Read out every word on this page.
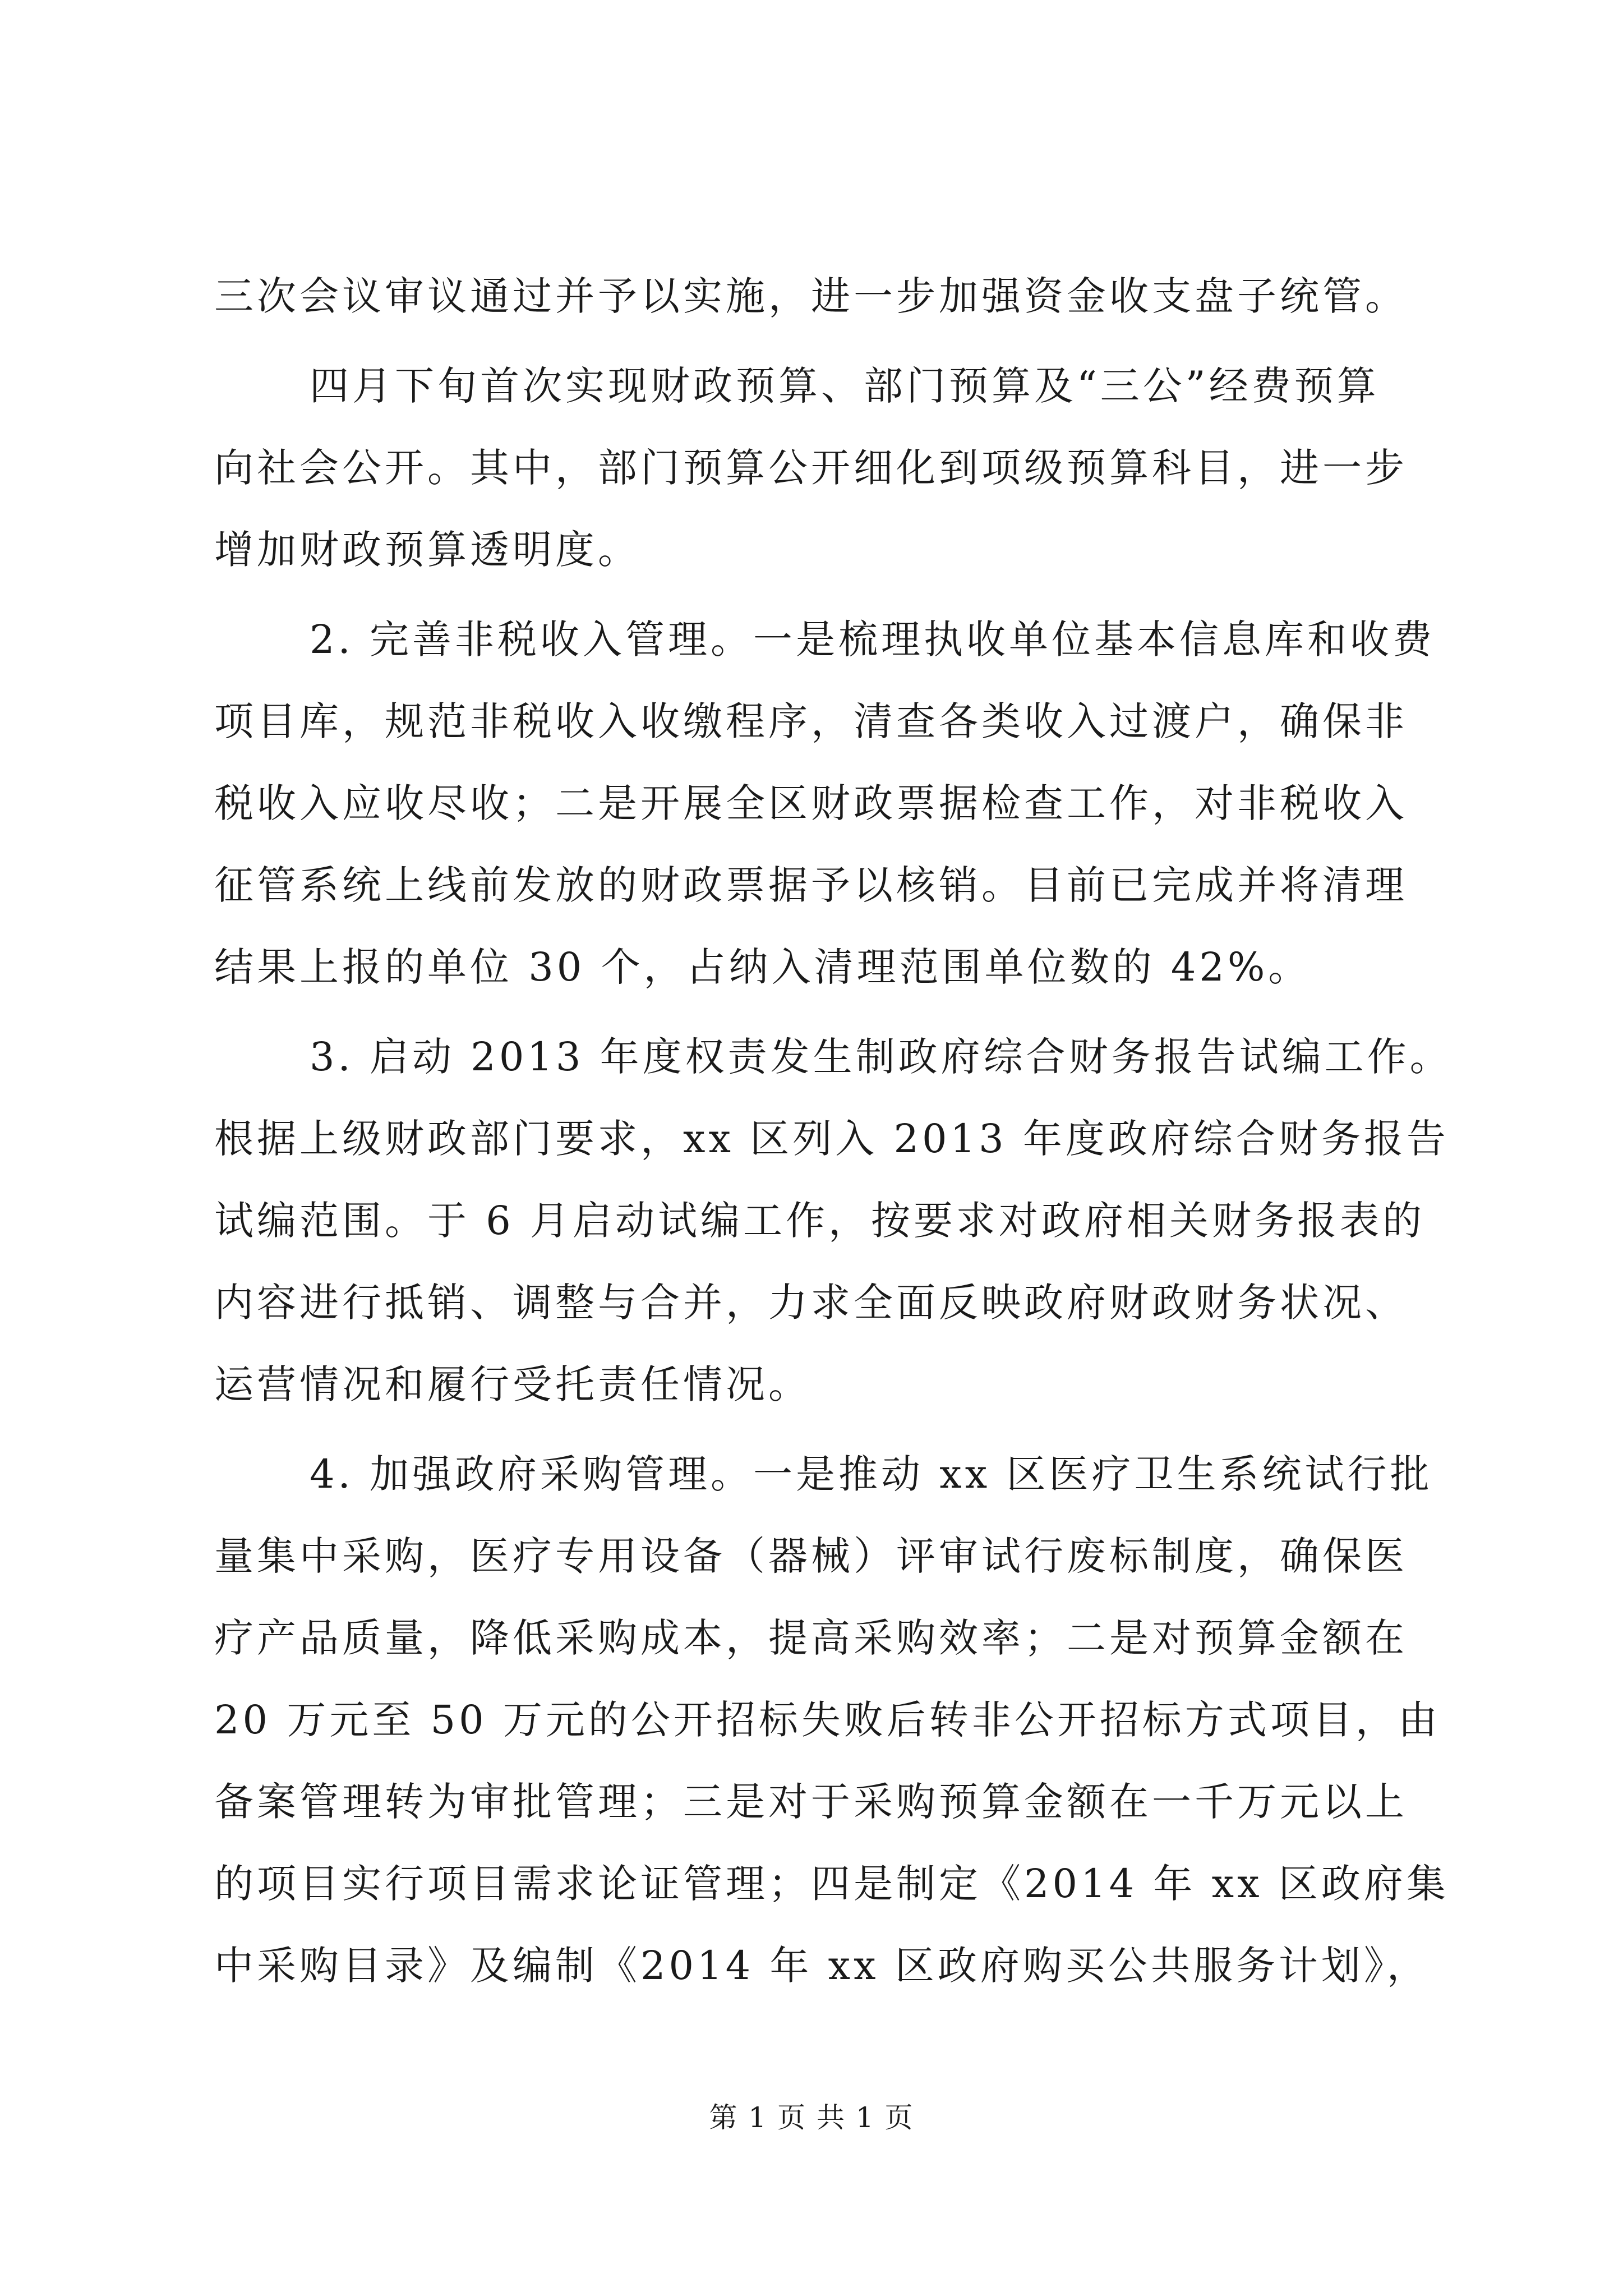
三次会议审议通过并予以实施，进一步加强资金收支盘子统管。
四月下旬首次实现财政预算、部门预算及“三公”经费预算
向社会公开。其中，部门预算公开细化到项级预算科目，进一步
增加财政预算透明度。
2. 完善非税收入管理。一是梳理执收单位基本信息库和收费
项目库，规范非税收入收缴程序，清查各类收入过渡户，确保非
税收入应收尽收；二是开展全区财政票据检查工作，对非税收入
征管系统上线前发放的财政票据予以核销。目前已完成并将清理
结果上报的单位 30 个，占纳入清理范围单位数的 42%。
3. 启动 2013 年度权责发生制政府综合财务报告试编工作。
根据上级财政部门要求，xx 区列入 2013 年度政府综合财务报告
试编范围。于 6 月启动试编工作，按要求对政府相关财务报表的
内容进行抵销、调整与合并，力求全面反映政府财政财务状况、
运营情况和履行受托责任情况。
4. 加强政府采购管理。一是推动 xx 区医疗卫生系统试行批
量集中采购，医疗专用设备（器械）评审试行废标制度，确保医
疗产品质量，降低采购成本，提高采购效率；二是对预算金额在
20 万元至 50 万元的公开招标失败后转非公开招标方式项目，由
备案管理转为审批管理；三是对于采购预算金额在一千万元以上
的项目实行项目需求论证管理；四是制定《2014 年 xx 区政府集
中采购目录》及编制《2014 年 xx 区政府购买公共服务计划》，
第 1 页 共 1 页
